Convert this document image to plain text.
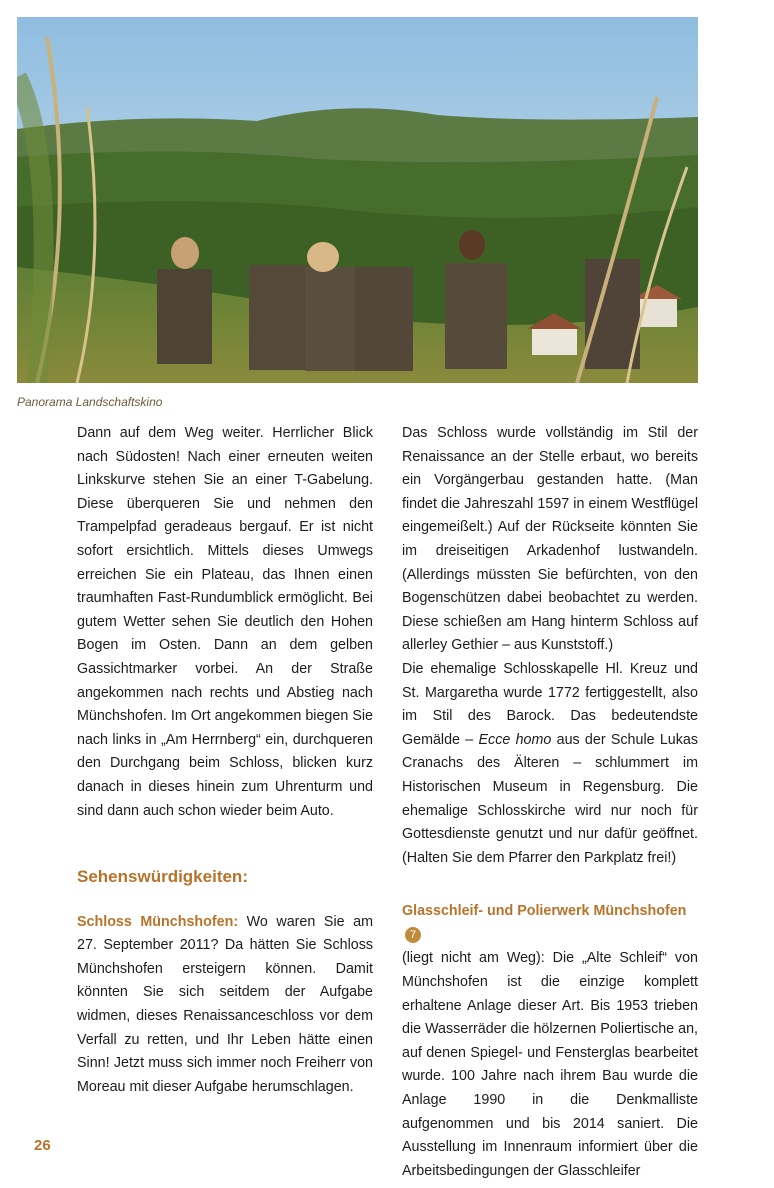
Panorama Landschaftskino

Dann auf dem Weg weiter. Herrlicher Blick nach Südosten! Nach einer erneuten weiten Linkskurve stehen Sie an einer T-Gabelung. Diese überqueren Sie und nehmen den Trampelpfad geradeaus bergauf. Er ist nicht sofort ersichtlich. Mittels dieses Umwegs erreichen Sie ein Plateau, das Ihnen einen traumhaften Fast-Rundumblick ermöglicht. Bei gutem Wetter sehen Sie deutlich den Hohen Bogen im Osten. Dann an dem gelben Gassichtmarker vorbei. An der Straße angekommen nach rechts und Abstieg nach Münchshofen. Im Ort angekommen biegen Sie nach links in „Am Herrnberg“ ein, durchqueren den Durchgang beim Schloss, blicken kurz danach in dieses hinein zum Uhrenturm und sind dann auch schon wieder beim Auto.

Sehenswürdigkeiten:

Schloss Münchshofen: Wo waren Sie am 27. September 2011? Da hätten Sie Schloss Münchshofen ersteigern können. Damit könnten Sie sich seitdem der Aufgabe widmen, dieses Renaissanceschloss vor dem Verfall zu retten, und Ihr Leben hätte einen Sinn! Jetzt muss sich immer noch Freiherr von Moreau mit dieser Aufgabe herumschlagen.

Das Schloss wurde vollständig im Stil der Renaissance an der Stelle erbaut, wo bereits ein Vorgängerbau gestanden hatte. (Man findet die Jahreszahl 1597 in einem Westflügel eingemeißelt.) Auf der Rückseite könnten Sie im dreiseitigen Arkadenhof lustwandeln. (Allerdings müssten Sie befürchten, von den Bogenschützen dabei beobachtet zu werden. Diese schießen am Hang hinterm Schloss auf allerley Gethier – aus Kunststoff.)

Die ehemalige Schlosskapelle Hl. Kreuz und St. Margaretha wurde 1772 fertiggestellt, also im Stil des Barock. Das bedeutendste Gemälde – Ecce homo aus der Schule Lukas Cranachs des Älteren – schlummert im Historischen Museum in Regensburg. Die ehemalige Schlosskirche wird nur noch für Gottesdienste genutzt und nur dafür geöffnet. (Halten Sie dem Pfarrer den Parkplatz frei!)

Glasschleif- und Polierwerk Münchshofen7

(liegt nicht am Weg): Die „Alte Schleif“ von Münchshofen ist die einzige komplett erhaltene Anlage dieser Art. Bis 1953 trieben die Wasserräder die hölzernen Poliertische an, auf denen Spiegel- und Fensterglas bearbeitet wurde. 100 Jahre nach ihrem Bau wurde die Anlage 1990 in die Denkmalliste aufgenommen und bis 2014 saniert. Die Ausstellung im Innenraum informiert über die Arbeitsbedingungen der Glasschleifer

26
